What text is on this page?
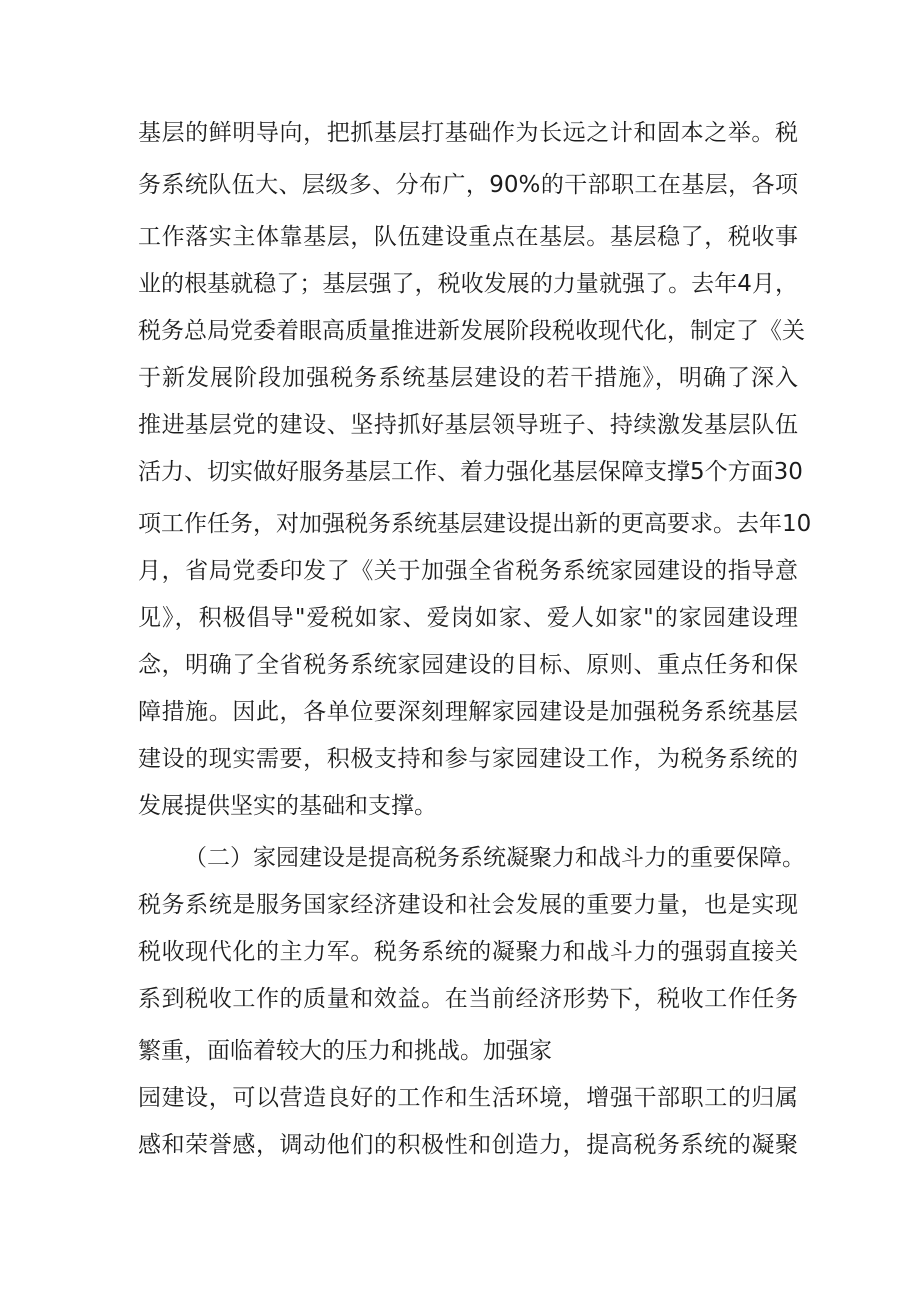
基层的鲜明导向，把抓基层打基础作为长远之计和固本之举。税
务系统队伍大、层级多、分布广，90%的干部职工在基层，各项
工作落实主体靠基层，队伍建设重点在基层。基层稳了，税收事
业的根基就稳了；基层强了，税收发展的力量就强了。去年4月，
税务总局党委着眼高质量推进新发展阶段税收现代化，制定了《关
于新发展阶段加强税务系统基层建设的若干措施》，明确了深入
推进基层党的建设、坚持抓好基层领导班子、持续激发基层队伍
活力、切实做好服务基层工作、着力强化基层保障支撑5个方面30
项工作任务，对加强税务系统基层建设提出新的更高要求。去年10
月，省局党委印发了《关于加强全省税务系统家园建设的指导意
见》，积极倡导"爱税如家、爱岗如家、爱人如家"的家园建设理
念，明确了全省税务系统家园建设的目标、原则、重点任务和保
障措施。因此，各单位要深刻理解家园建设是加强税务系统基层
建设的现实需要，积极支持和参与家园建设工作，为税务系统的
发展提供坚实的基础和支撑。
（二）家园建设是提高税务系统凝聚力和战斗力的重要保障。
税务系统是服务国家经济建设和社会发展的重要力量，也是实现
税收现代化的主力军。税务系统的凝聚力和战斗力的强弱直接关
系到税收工作的质量和效益。在当前经济形势下，税收工作任务
繁重，面临着较大的压力和挑战。加强家
园建设，可以营造良好的工作和生活环境，增强干部职工的归属
感和荣誉感，调动他们的积极性和创造力，提高税务系统的凝聚
